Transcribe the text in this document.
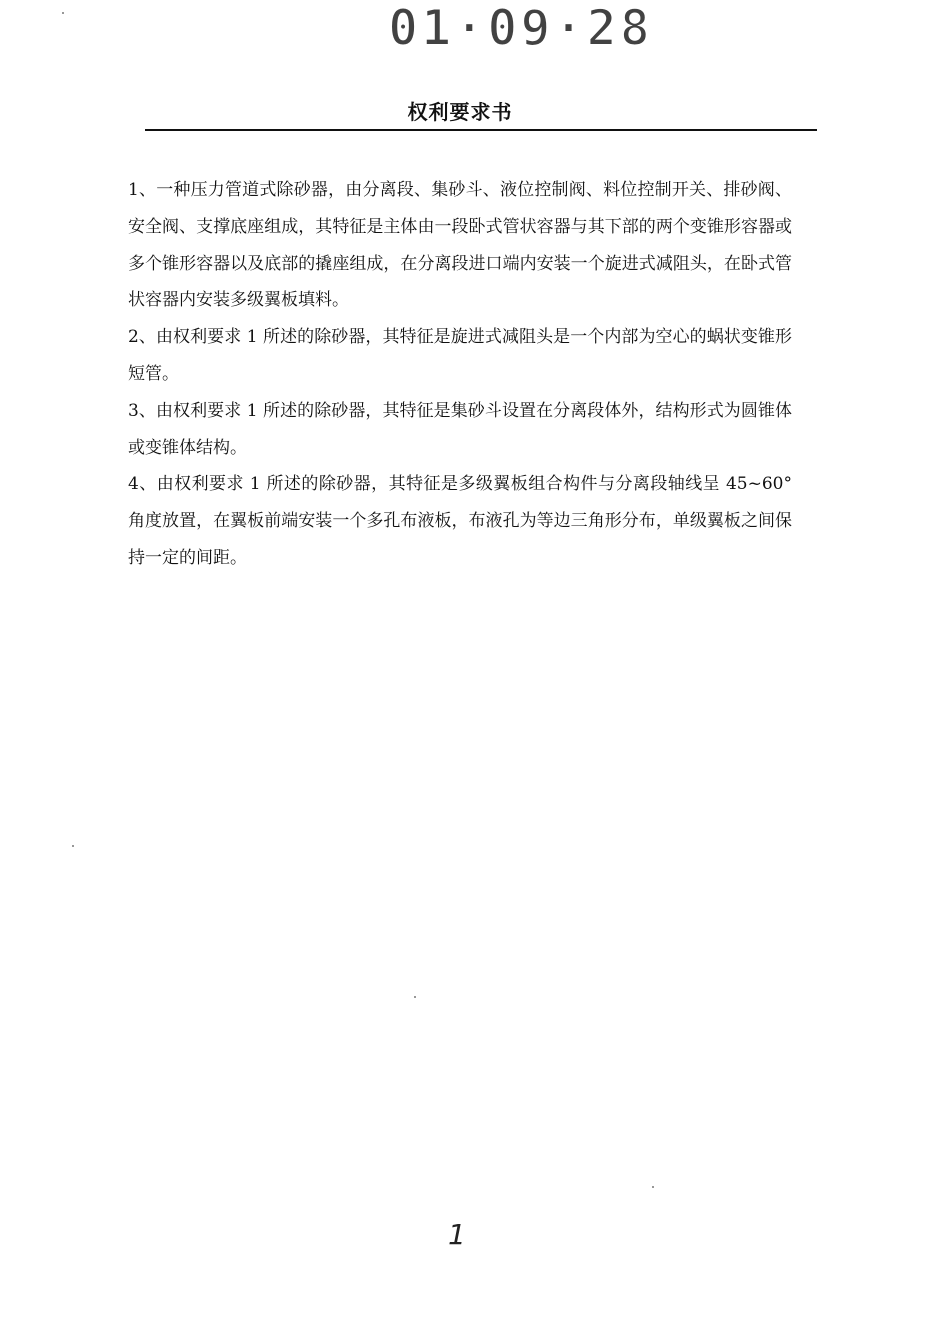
01·09·28
权利要求书

1、一种压力管道式除砂器，由分离段、集砂斗、液位控制阀、料位控制开关、排砂阀、安全阀、支撑底座组成，其特征是主体由一段卧式管状容器与其下部的两个变锥形容器或多个锥形容器以及底部的撬座组成，在分离段进口端内安装一个旋进式减阻头，在卧式管状容器内安装多级翼板填料。

2、由权利要求 1 所述的除砂器，其特征是旋进式减阻头是一个内部为空心的蜗状变锥形短管。

3、由权利要求 1 所述的除砂器，其特征是集砂斗设置在分离段体外，结构形式为圆锥体或变锥体结构。

4、由权利要求 1 所述的除砂器，其特征是多级翼板组合构件与分离段轴线呈 45~60°角度放置，在翼板前端安装一个多孔布液板，布液孔为等边三角形分布，单级翼板之间保持一定的间距。

1
